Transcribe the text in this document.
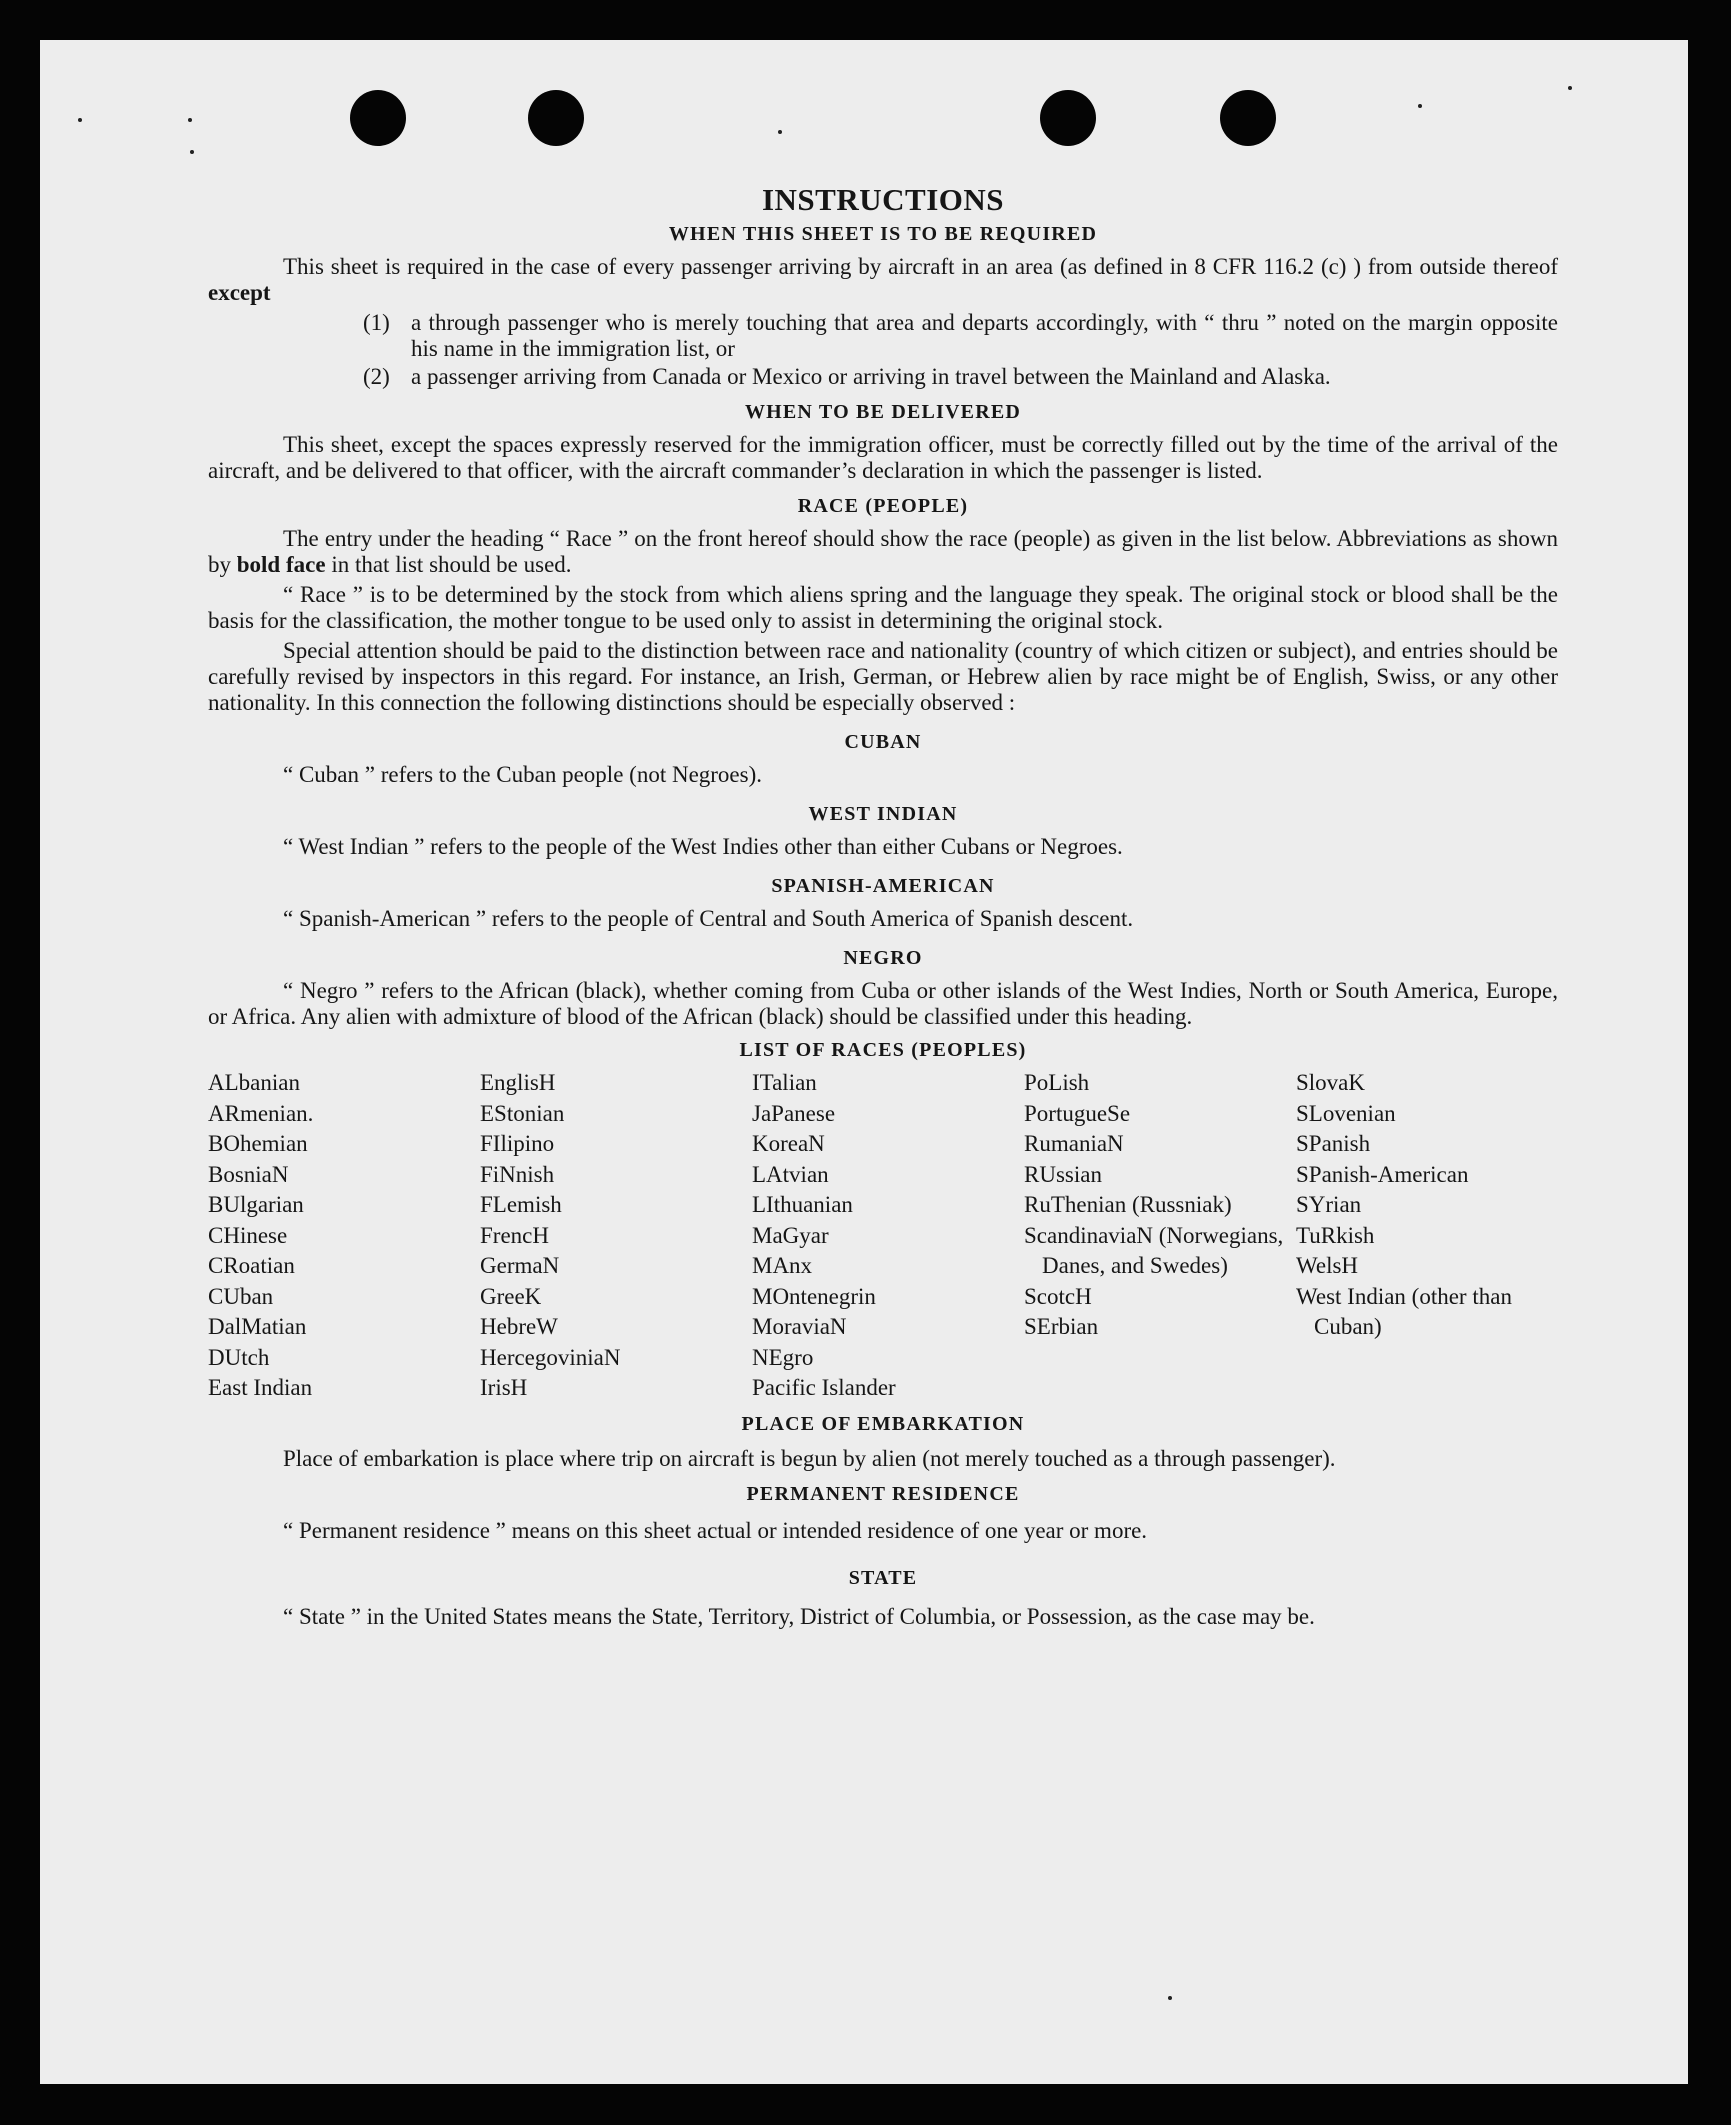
INSTRUCTIONS
WHEN THIS SHEET IS TO BE REQUIRED

This sheet is required in the case of every passenger arriving by aircraft in an area (as defined in 8 CFR 116.2 (c) ) from outside thereof except

(1) a through passenger who is merely touching that area and departs accordingly, with “ thru ” noted on the margin opposite his name in the immigration list, or
(2) a passenger arriving from Canada or Mexico or arriving in travel between the Mainland and Alaska.
WHEN TO BE DELIVERED

This sheet, except the spaces expressly reserved for the immigration officer, must be correctly filled out by the time of the arrival of the aircraft, and be delivered to that officer, with the aircraft commander’s declaration in which the passenger is listed.

RACE (PEOPLE)

The entry under the heading “ Race ” on the front hereof should show the race (people) as given in the list below. Abbreviations as shown by bold face in that list should be used.

“ Race ” is to be determined by the stock from which aliens spring and the language they speak. The original stock or blood shall be the basis for the classification, the mother tongue to be used only to assist in determining the original stock.

Special attention should be paid to the distinction between race and nationality (country of which citizen or subject), and entries should be carefully revised by inspectors in this regard. For instance, an Irish, German, or Hebrew alien by race might be of English, Swiss, or any other nationality. In this connection the following distinctions should be especially observed :

CUBAN

“ Cuban ” refers to the Cuban people (not Negroes).

WEST INDIAN

“ West Indian ” refers to the people of the West Indies other than either Cubans or Negroes.

SPANISH-AMERICAN

“ Spanish-American ” refers to the people of Central and South America of Spanish descent.

NEGRO

“ Negro ” refers to the African (black), whether coming from Cuba or other islands of the West Indies, North or South America, Europe, or Africa. Any alien with admixture of blood of the African (black) should be classified under this heading.

LIST OF RACES (PEOPLES)
ALbanian
ARmenian.
BOhemian
BosniaN
BUlgarian
CHinese
CRoatian
CUban
DalMatian
DUtch
East Indian
EnglisH
EStonian
FIlipino
FiNnish
FLemish
FrencH
GermaN
GreeK
HebreW
HercegoviniaN
IrisH
ITalian
JaPanese
KoreaN
LAtvian
LIthuanian
MaGyar
MAnx
MOntenegrin
MoraviaN
NEgro
Pacific Islander
PoLish
PortugueSe
RumaniaN
RUssian
RuThenian (Russniak)
ScandinaviaN (Norwegians, Danes, and Swedes)
ScotcH
SErbian
SlovaK
SLovenian
SPanish
SPanish-American
SYrian
TuRkish
WelsH
West Indian (other than Cuban)
PLACE OF EMBARKATION

Place of embarkation is place where trip on aircraft is begun by alien (not merely touched as a through passenger).

PERMANENT RESIDENCE

“ Permanent residence ” means on this sheet actual or intended residence of one year or more.

STATE

“ State ” in the United States means the State, Territory, District of Columbia, or Possession, as the case may be.
